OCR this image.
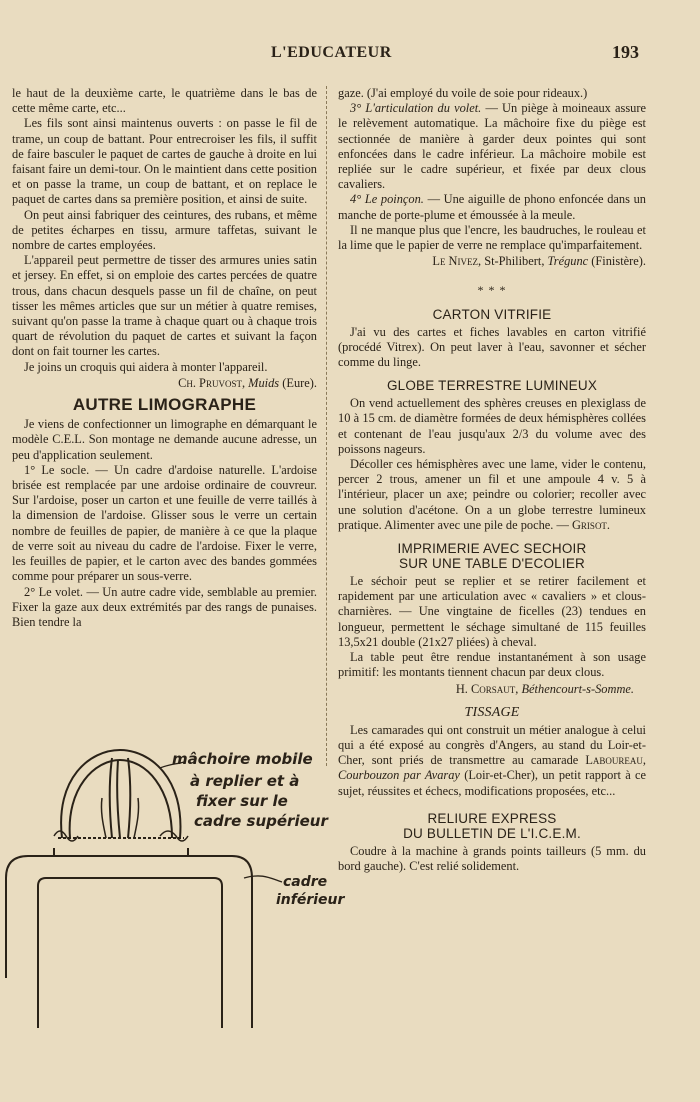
L'EDUCATEUR	193

le haut de la deuxième carte, le quatrième dans le bas de cette même carte, etc...

Les fils sont ainsi maintenus ouverts : on passe le fil de trame, un coup de battant. Pour entrecroiser les fils, il suffit de faire basculer le paquet de cartes de gauche à droite en lui faisant faire un demi-tour. On le maintient dans cette position et on passe la trame, un coup de battant, et on replace le paquet de cartes dans sa première position, et ainsi de suite.

On peut ainsi fabriquer des ceintures, des rubans, et même de petites écharpes en tissu, armure taffetas, suivant le nombre de cartes employées.

L'appareil peut permettre de tisser des armures unies satin et jersey. En effet, si on emploie des cartes percées de quatre trous, dans chacun desquels passe un fil de chaîne, on peut tisser les mêmes articles que sur un métier à quatre remises, suivant qu'on passe la trame à chaque quart ou à chaque trois quart de révolution du paquet de cartes et suivant la façon dont on fait tourner les cartes.

Je joins un croquis qui aidera à monter l'appareil.

Ch. Pruvost, Muids (Eure).
AUTRE LIMOGRAPHE

Je viens de confectionner un limographe en démarquant le modèle C.E.L. Son montage ne demande aucune adresse, un peu d'application seulement.

1° Le socle. — Un cadre d'ardoise naturelle. L'ardoise brisée est remplacée par une ardoise ordinaire de couvreur. Sur l'ardoise, poser un carton et une feuille de verre taillés à la dimension de l'ardoise. Glisser sous le verre un certain nombre de feuilles de papier, de manière à ce que la plaque de verre soit au niveau du cadre de l'ardoise. Fixer le verre, les feuilles de papier, et le carton avec des bandes gommées comme pour préparer un sous-verre.

2° Le volet. — Un autre cadre vide, semblable au premier. Fixer la gaze aux deux extrémités par des rangs de punaises. Bien tendre la

mâchoire mobile
à replier et à
fixer sur le
cadre supérieur
cadre
inférieur

gaze. (J'ai employé du voile de soie pour rideaux.)

3° L'articulation du volet. — Un piège à moineaux assure le relèvement automatique. La mâchoire fixe du piège est sectionnée de manière à garder deux pointes qui sont enfoncées dans le cadre inférieur. La mâchoire mobile est repliée sur le cadre supérieur, et fixée par deux clous cavaliers.

4° Le poinçon. — Une aiguille de phono enfoncée dans un manche de porte-plume et émoussée à la meule.

Il ne manque plus que l'encre, les baudruches, le rouleau et la lime que le papier de verre ne remplace qu'imparfaitement.

Le Nivez, St-Philibert, Trégunc (Finistère).
* * *
CARTON VITRIFIE

J'ai vu des cartes et fiches lavables en carton vitrifié (procédé Vitrex). On peut laver à l'eau, savonner et sécher comme du linge.

GLOBE TERRESTRE LUMINEUX

On vend actuellement des sphères creuses en plexiglass de 10 à 15 cm. de diamètre formées de deux hémisphères collées et contenant de l'eau jusqu'aux 2/3 du volume avec des poissons nageurs.

Décoller ces hémisphères avec une lame, vider le contenu, percer 2 trous, amener un fil et une ampoule 4 v. 5 à l'intérieur, placer un axe; peindre ou colorier; recoller avec une solution d'acétone. On a un globe terrestre lumineux pratique. Alimenter avec une pile de poche. — Grisot.

IMPRIMERIE AVEC SECHOIR
SUR UNE TABLE D'ECOLIER

Le séchoir peut se replier et se retirer facilement et rapidement par une articulation avec « cavaliers » et clous-charnières. — Une vingtaine de ficelles (23) tendues en longueur, permettent le séchage simultané de 115 feuilles 13,5x21 double (21x27 pliées) à cheval.

La table peut être rendue instantanément à son usage primitif: les montants tiennent chacun par deux clous.

H. Corsaut, Béthencourt-s-Somme.
TISSAGE

Les camarades qui ont construit un métier analogue à celui qui a été exposé au congrès d'Angers, au stand du Loir-et-Cher, sont priés de transmettre au camarade Laboureau, Courbouzon par Avaray (Loir-et-Cher), un petit rapport à ce sujet, réussites et échecs, modifications proposées, etc...

RELIURE EXPRESS
DU BULLETIN DE L'I.C.E.M.

Coudre à la machine à grands points tailleurs (5 mm. du bord gauche). C'est relié solidement.
